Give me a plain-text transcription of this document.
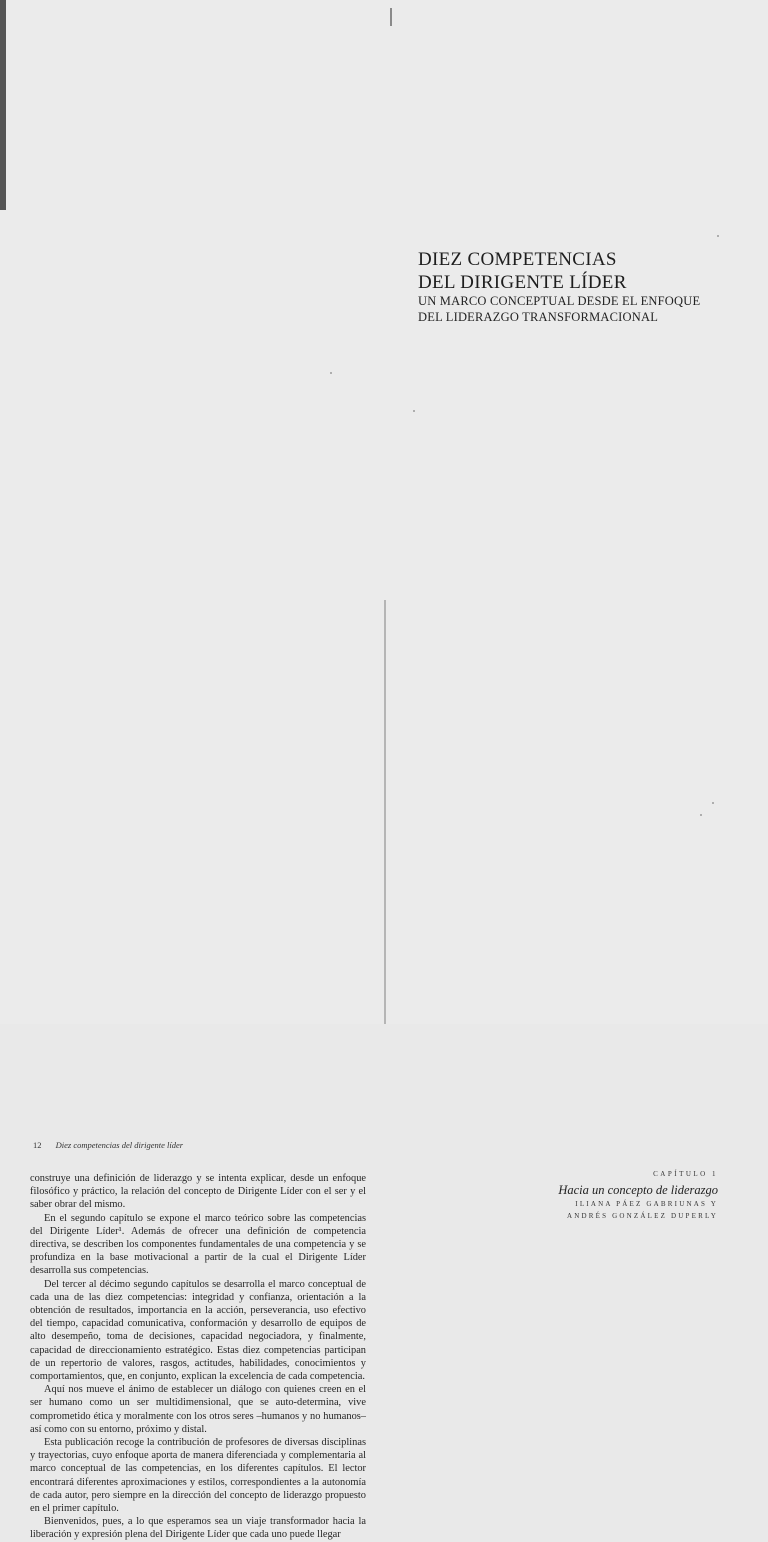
DIEZ COMPETENCIAS

DEL DIRIGENTE LÍDER

UN MARCO CONCEPTUAL DESDE EL ENFOQUE

DEL LIDERAZGO TRANSFORMACIONAL

12 Diez competencias del dirigente líder

construye una definición de liderazgo y se intenta explicar, desde un enfoque filosófico y práctico, la relación del concepto de Dirigente Líder con el ser y el saber obrar del mismo.

En el segundo capítulo se expone el marco teórico sobre las competencias del Dirigente Líder¹. Además de ofrecer una definición de competencia directiva, se describen los componentes fundamentales de una competencia y se profundiza en la base motivacional a partir de la cual el Dirigente Líder desarrolla sus competencias.

Del tercer al décimo segundo capítulos se desarrolla el marco conceptual de cada una de las diez competencias: integridad y confianza, orientación a la obtención de resultados, importancia en la acción, perseverancia, uso efectivo del tiempo, capacidad comunicativa, conformación y desarrollo de equipos de alto desempeño, toma de decisiones, capacidad negociadora, y finalmente, capacidad de direccionamiento estratégico. Estas diez competencias participan de un repertorio de valores, rasgos, actitudes, habilidades, conocimientos y comportamientos, que, en conjunto, explican la excelencia de cada competencia.

Aquí nos mueve el ánimo de establecer un diálogo con quienes creen en el ser humano como un ser multidimensional, que se auto-determina, vive comprometido ética y moralmente con los otros seres –humanos y no humanos– así como con su entorno, próximo y distal.

Esta publicación recoge la contribución de profesores de diversas disciplinas y trayectorias, cuyo enfoque aporta de manera diferenciada y complementaria al marco conceptual de las competencias, en los diferentes capítulos. El lector encontrará diferentes aproximaciones y estilos, correspondientes a la autonomía de cada autor, pero siempre en la dirección del concepto de liderazgo propuesto en el primer capítulo.

Bienvenidos, pues, a lo que esperamos sea un viaje transformador hacia la liberación y expresión plena del Dirigente Líder que cada uno puede llegar

CAPÍTULO 1

Hacia un concepto de liderazgo

ILIANA PÁEZ GABRIUNAS Y

ANDRÉS GONZÁLEZ DUPERLY
